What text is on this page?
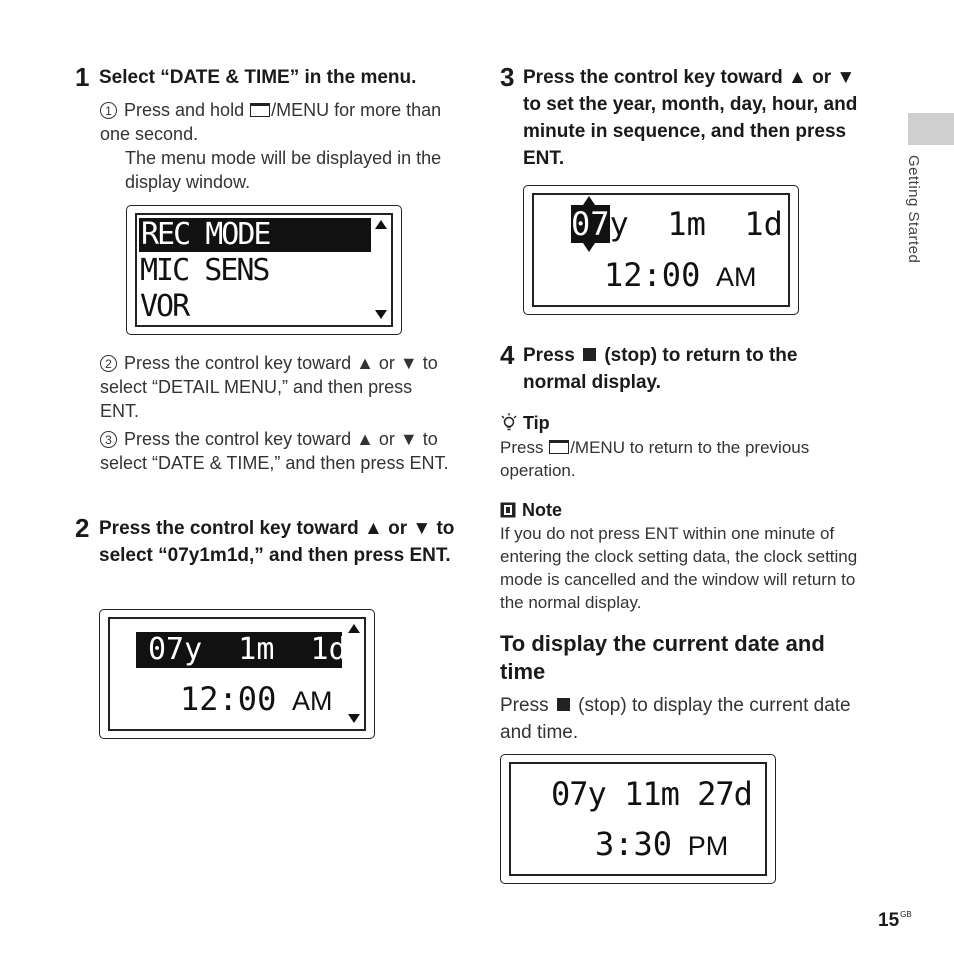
Getting Started
1 Select “DATE & TIME” in the menu.
1 Press and hold /MENU for more than one second.
The menu mode will be displayed in the display window.
REC MODE
MIC SENS
VOR
2 Press the control key toward ▲ or ▼ to select “DETAIL MENU,” and then press ENT.
3 Press the control key toward ▲ or ▼ to select “DATE & TIME,” and then press ENT.
2 Press the control key toward ▲ or ▼ to select “07y1m1d,” and then press ENT.
07y  1m  1d
12:00 AM
3 Press the control key toward ▲ or ▼ to set the year, month, day, hour, and minute in sequence, and then press ENT.
07y  1m  1d
12:00 AM
4 Press  (stop) to return to the normal display.
Tip
Press /MENU to return to the previous operation.
Note
If you do not press ENT within one minute of entering the clock setting data, the clock setting mode is cancelled and the window will return to the normal display.
To display the current date and time
Press  (stop) to display the current date and time.
07y 11m 27d
3:30 PM
$15^{GB}$
